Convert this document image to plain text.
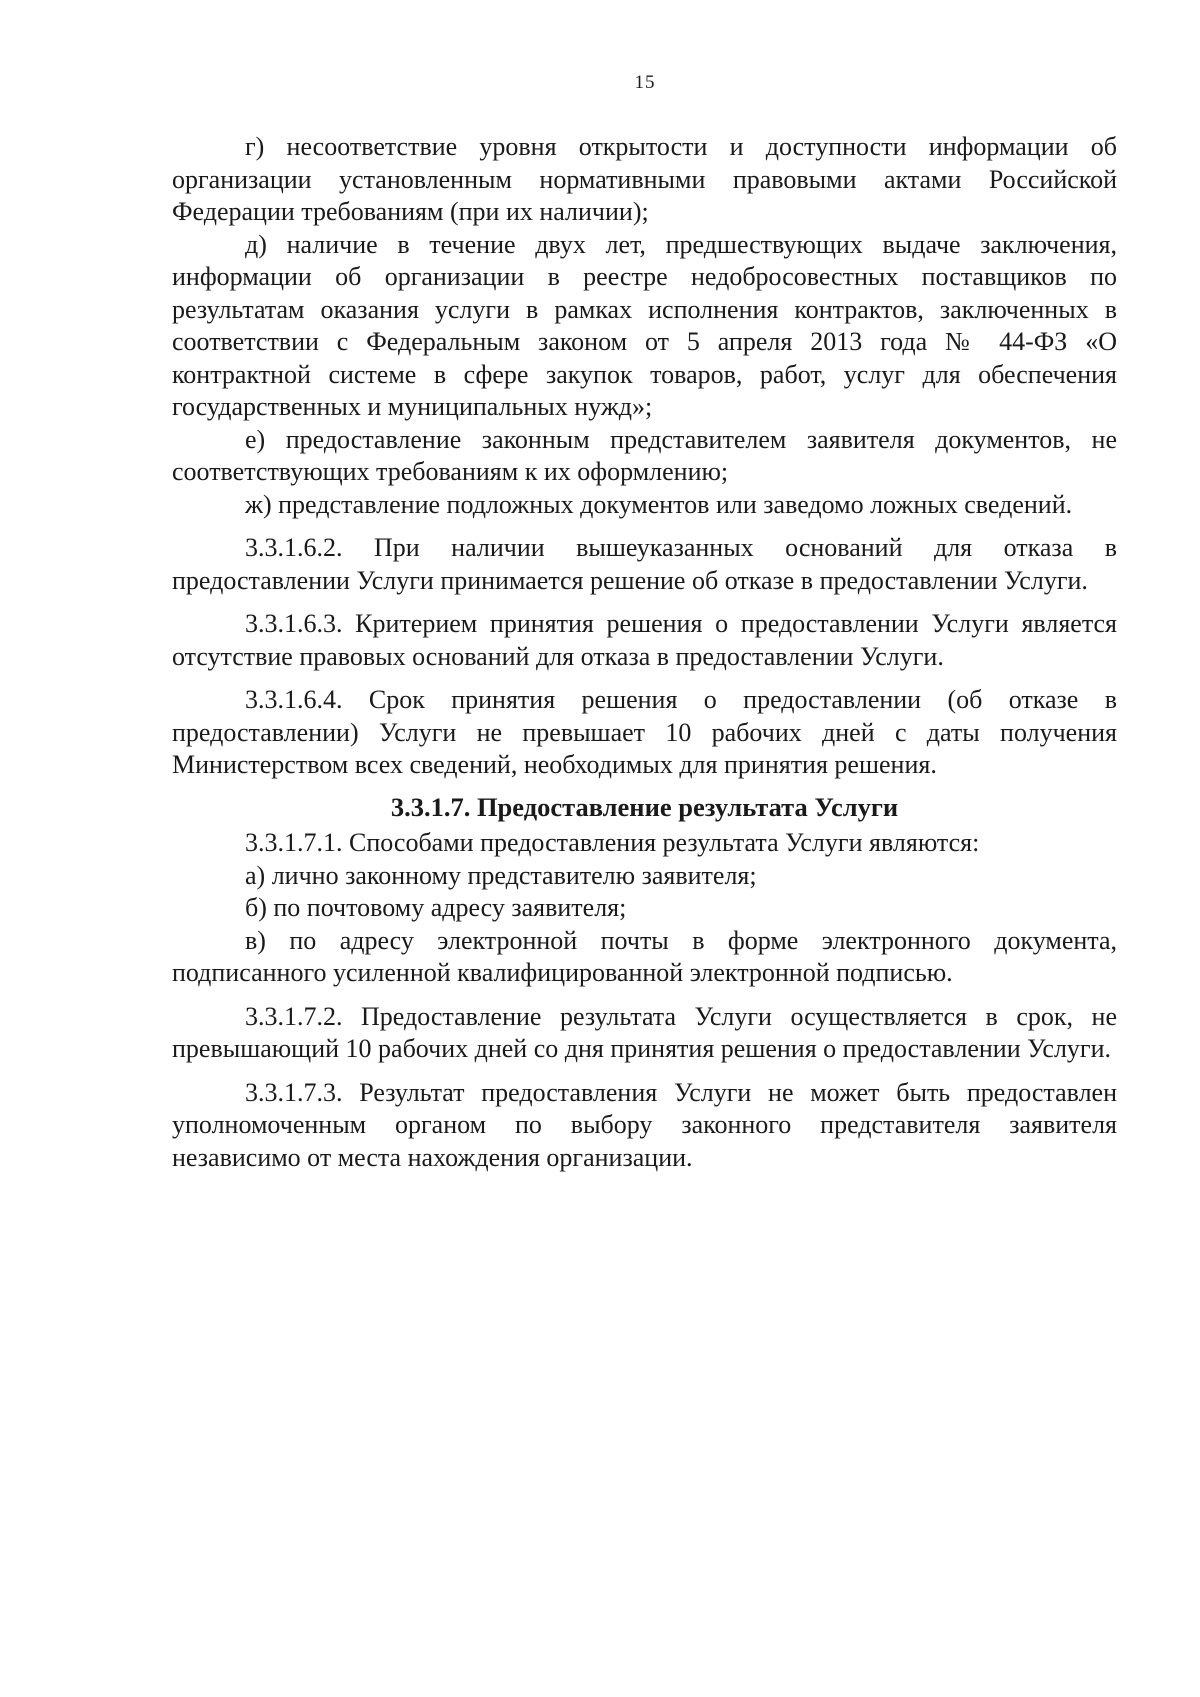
15

г) несоответствие уровня открытости и доступности информации об организации установленным нормативными правовыми актами Российской Федерации требованиям (при их наличии);

д) наличие в течение двух лет, предшествующих выдаче заключения, информации об организации в реестре недобросовестных поставщиков по результатам оказания услуги в рамках исполнения контрактов, заключенных в соответствии с Федеральным законом от 5 апреля 2013 года № 44-ФЗ «О контрактной системе в сфере закупок товаров, работ, услуг для обеспечения государственных и муниципальных нужд»;

е) предоставление законным представителем заявителя документов, не соответствующих требованиям к их оформлению;

ж) представление подложных документов или заведомо ложных сведений.

3.3.1.6.2. При наличии вышеуказанных оснований для отказа в предоставлении Услуги принимается решение об отказе в предоставлении Услуги.

3.3.1.6.3. Критерием принятия решения о предоставлении Услуги является отсутствие правовых оснований для отказа в предоставлении Услуги.

3.3.1.6.4. Срок принятия решения о предоставлении (об отказе в предоставлении) Услуги не превышает 10 рабочих дней с даты получения Министерством всех сведений, необходимых для принятия решения.

3.3.1.7. Предоставление результата Услуги

3.3.1.7.1. Способами предоставления результата Услуги являются:

а) лично законному представителю заявителя;

б) по почтовому адресу заявителя;

в) по адресу электронной почты в форме электронного документа, подписанного усиленной квалифицированной электронной подписью.

3.3.1.7.2. Предоставление результата Услуги осуществляется в срок, не превышающий 10 рабочих дней со дня принятия решения о предоставлении Услуги.

3.3.1.7.3. Результат предоставления Услуги не может быть предоставлен уполномоченным органом по выбору законного представителя заявителя независимо от места нахождения организации.
